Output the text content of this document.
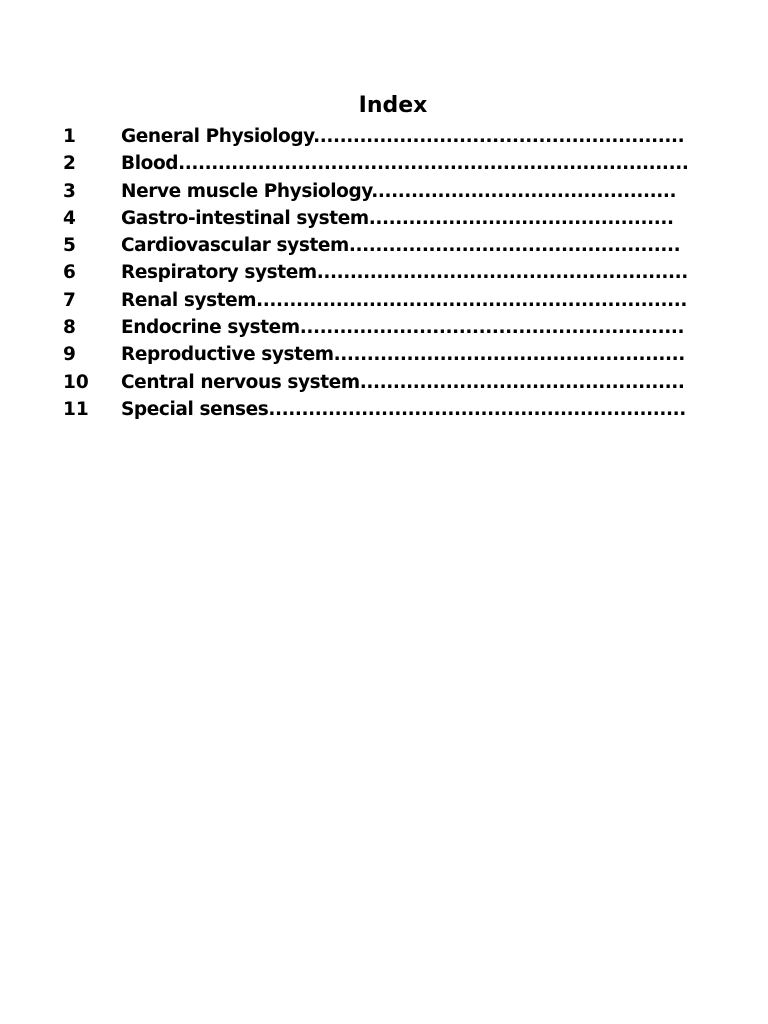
Index
1 General Physiology........................................................
2 Blood.............................................................................
3 Nerve muscle Physiology..............................................
4 Gastro-intestinal system..............................................
5 Cardiovascular system..................................................
6 Respiratory system........................................................
7 Renal system.................................................................
8 Endocrine system..........................................................
9 Reproductive system.....................................................
10 Central nervous system.................................................
11 Special senses...............................................................
